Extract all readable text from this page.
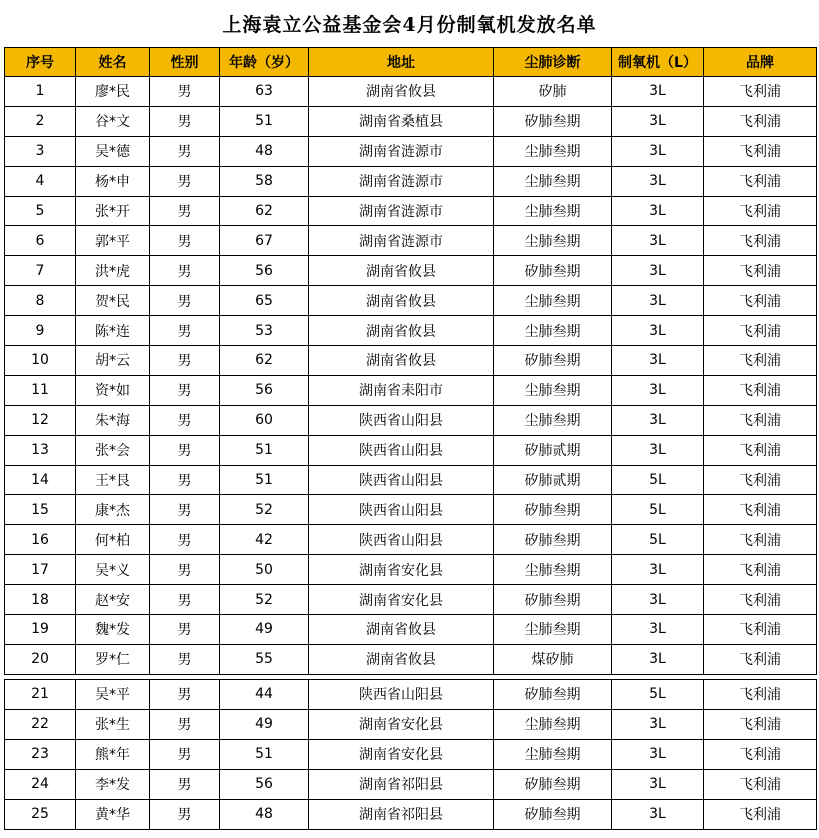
上海袁立公益基金会4月份制氧机发放名单
序号	姓名	性别	年龄（岁）	地址	尘肺诊断	制氧机（L）	品牌
1	廖*民	男	63	湖南省攸县	矽肺	3L	飞利浦
2	谷*文	男	51	湖南省桑植县	矽肺叁期	3L	飞利浦
3	吴*德	男	48	湖南省涟源市	尘肺叁期	3L	飞利浦
4	杨*申	男	58	湖南省涟源市	尘肺叁期	3L	飞利浦
5	张*开	男	62	湖南省涟源市	尘肺叁期	3L	飞利浦
6	郭*平	男	67	湖南省涟源市	尘肺叁期	3L	飞利浦
7	洪*虎	男	56	湖南省攸县	矽肺叁期	3L	飞利浦
8	贺*民	男	65	湖南省攸县	尘肺叁期	3L	飞利浦
9	陈*连	男	53	湖南省攸县	尘肺叁期	3L	飞利浦
10	胡*云	男	62	湖南省攸县	矽肺叁期	3L	飞利浦
11	资*如	男	56	湖南省耒阳市	尘肺叁期	3L	飞利浦
12	朱*海	男	60	陕西省山阳县	尘肺叁期	3L	飞利浦
13	张*会	男	51	陕西省山阳县	矽肺贰期	3L	飞利浦
14	王*艮	男	51	陕西省山阳县	矽肺贰期	5L	飞利浦
15	康*杰	男	52	陕西省山阳县	矽肺叁期	5L	飞利浦
16	何*柏	男	42	陕西省山阳县	矽肺叁期	5L	飞利浦
17	吴*义	男	50	湖南省安化县	尘肺叁期	3L	飞利浦
18	赵*安	男	52	湖南省安化县	矽肺叁期	3L	飞利浦
19	魏*发	男	49	湖南省攸县	尘肺叁期	3L	飞利浦
20	罗*仁	男	55	湖南省攸县	煤矽肺	3L	飞利浦

21	吴*平	男	44	陕西省山阳县	矽肺叁期	5L	飞利浦
22	张*生	男	49	湖南省安化县	尘肺叁期	3L	飞利浦
23	熊*年	男	51	湖南省安化县	尘肺叁期	3L	飞利浦
24	李*发	男	56	湖南省祁阳县	矽肺叁期	3L	飞利浦
25	黄*华	男	48	湖南省祁阳县	矽肺叁期	3L	飞利浦
